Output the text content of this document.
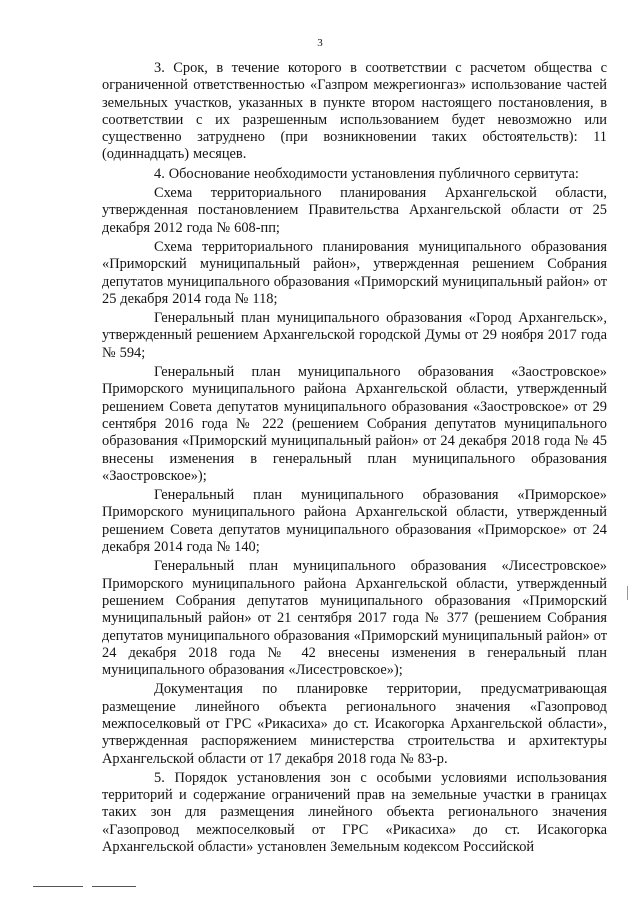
3

3. Срок, в течение которого в соответствии с расчетом общества с ограниченной ответственностью «Газпром межрегионгаз» использование частей земельных участков, указанных в пункте втором настоящего постановления, в соответствии с их разрешенным использованием будет невозможно или существенно затруднено (при возникновении таких обстоятельств): 11 (одиннадцать) месяцев.

4. Обоснование необходимости установления публичного сервитута:

Схема территориального планирования Архангельской области, утвержденная постановлением Правительства Архангельской области от 25 декабря 2012 года № 608-пп;

Схема территориального планирования муниципального образования «Приморский муниципальный район», утвержденная решением Собрания депутатов муниципального образования «Приморский муниципальный район» от 25 декабря 2014 года № 118;

Генеральный план муниципального образования «Город Архангельск», утвержденный решением Архангельской городской Думы от 29 ноября 2017 года № 594;

Генеральный план муниципального образования «Заостровское» Приморского муниципального района Архангельской области, утвержденный решением Совета депутатов муниципального образования «Заостровское» от 29 сентября 2016 года № 222 (решением Собрания депутатов муниципального образования «Приморский муниципальный район» от 24 декабря 2018 года № 45 внесены изменения в генеральный план муниципального образования «Заостровское»);

Генеральный план муниципального образования «Приморское» Приморского муниципального района Архангельской области, утвержденный решением Совета депутатов муниципального образования «Приморское» от 24 декабря 2014 года № 140;

Генеральный план муниципального образования «Лисестровское» Приморского муниципального района Архангельской области, утвержденный решением Собрания депутатов муниципального образования «Приморский муниципальный район» от 21 сентября 2017 года № 377 (решением Собрания депутатов муниципального образования «Приморский муниципальный район» от 24 декабря 2018 года № 42 внесены изменения в генеральный план муниципального образования «Лисестровское»);

Документация по планировке территории, предусматривающая размещение линейного объекта регионального значения «Газопровод межпоселковый от ГРС «Рикасиха» до ст. Исакогорка Архангельской области», утвержденная распоряжением министерства строительства и архитектуры Архангельской области от 17 декабря 2018 года № 83-р.

5. Порядок установления зон с особыми условиями использования территорий и содержание ограничений прав на земельные участки в границах таких зон для размещения линейного объекта регионального значения «Газопровод межпоселковый от ГРС «Рикасиха» до ст. Исакогорка Архангельской области» установлен Земельным кодексом Российской
